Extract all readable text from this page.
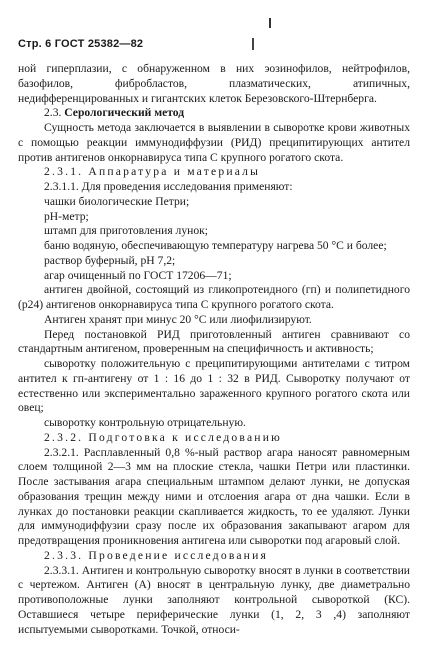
Стр. 6 ГОСТ 25382—82

ной гиперплазии, с обнаруженном в них эозинофилов, нейтрофилов, базофилов, фибробластов, плазматических, атипичных, недифференцированных и гигантских клеток Березовского-Штернберга.

2.3. Серологический метод

Сущность метода заключается в выявлении в сыворотке крови животных с помощью реакции иммунодиффузии (РИД) преципитирующих антител против антигенов онкорнавируса типа С крупного рогатого скота.

2.3.1. Аппаратура и материалы

2.3.1.1. Для проведения исследования применяют:

чашки биологические Петри;

pH-метр;

штамп для приготовления лунок;

баню водяную, обеспечивающую температуру нагрева 50 °С и более;

раствор буферный, pH 7,2;

агар очищенный по ГОСТ 17206—71;

антиген двойной, состоящий из гликопротеидного (гп) и полипетидного (р24) антигенов онкорнавируса типа С крупного рогатого скота.

Антиген хранят при минус 20 °С или лиофилизируют.

Перед постановкой РИД приготовленный антиген сравнивают со стандартным антигеном, проверенным на специфичность и активность;

сыворотку положительную с преципитирующими антителами с титром антител к гп-антигену от 1 : 16 до 1 : 32 в РИД. Сыворотку получают от естественно или экспериментально зараженного крупного рогатого скота или овец;

сыворотку контрольную отрицательную.

2.3.2. Подготовка к исследованию

2.3.2.1. Расплавленный 0,8 %-ный раствор агара наносят равномерным слоем толщиной 2—3 мм на плоские стекла, чашки Петри или пластинки. После застывания агара специальным штампом делают лунки, не допуская образования трещин между ними и отслоения агара от дна чашки. Если в лунках до постановки реакции скапливается жидкость, то ее удаляют. Лунки для иммунодиффузии сразу после их образования закапывают агаром для предотвращения проникновения антигена или сыворотки под агаровый слой.

2.3.3. Проведение исследования

2.3.3.1. Антиген и контрольную сыворотку вносят в лунки в соответствии с чертежом. Антиген (А) вносят в центральную лунку, две диаметрально противоположные лунки заполняют контрольной сывороткой (КС). Оставшиеся четыре периферические лунки (1, 2, 3 ,4) заполняют испытуемыми сыворотками. Точкой, относи-
